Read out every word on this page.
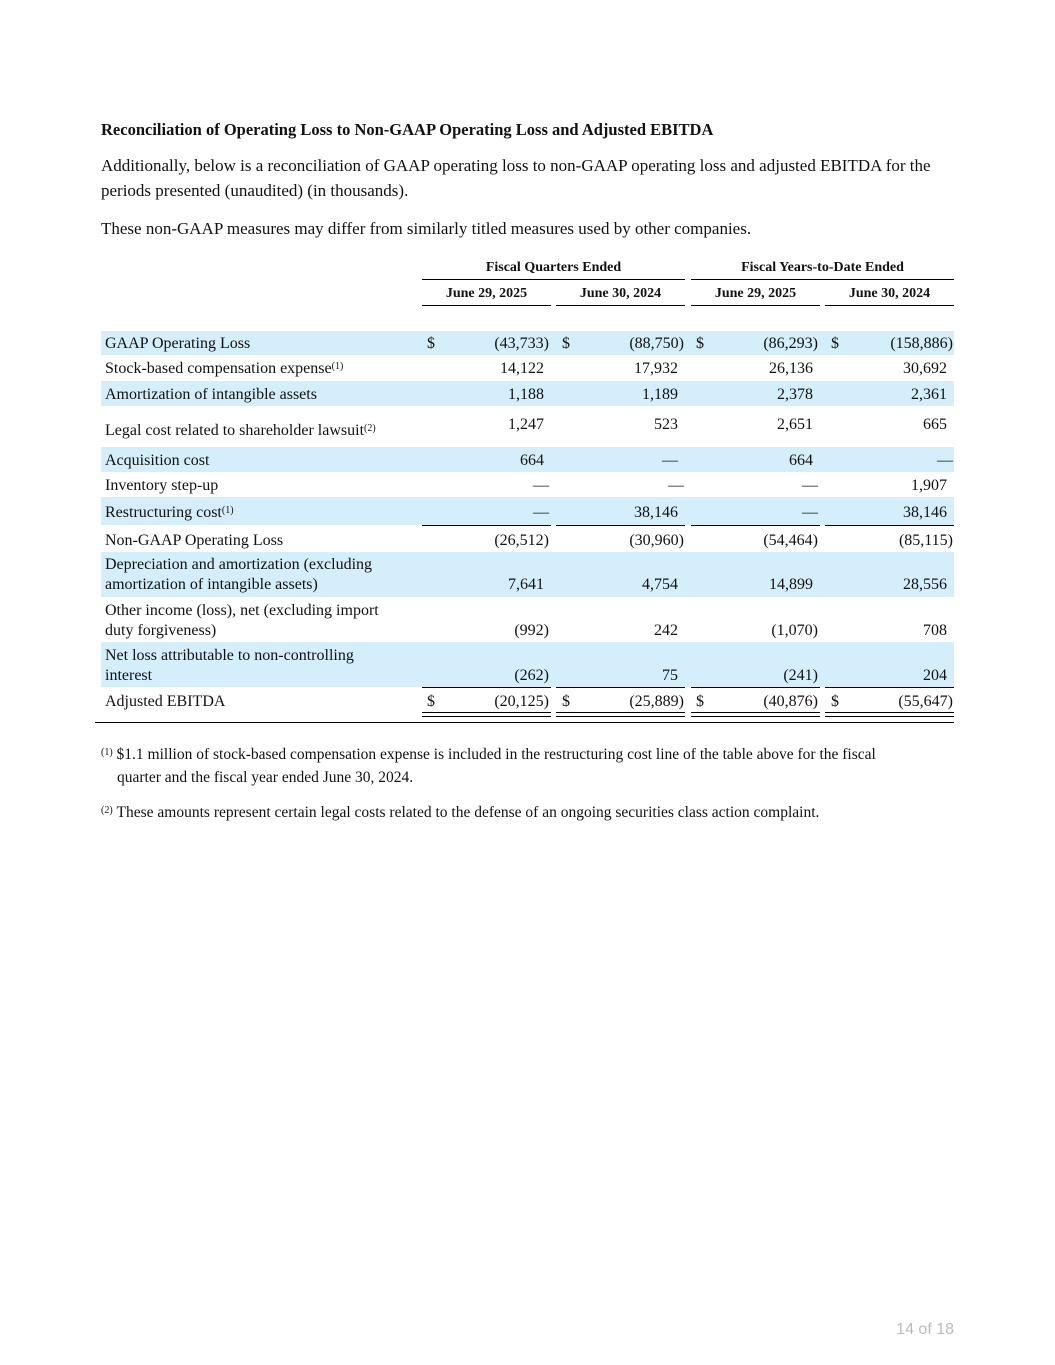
Reconciliation of Operating Loss to Non-GAAP Operating Loss and Adjusted EBITDA
Additionally, below is a reconciliation of GAAP operating loss to non-GAAP operating loss and adjusted EBITDA for the periods presented (unaudited) (in thousands).
These non-GAAP measures may differ from similarly titled measures used by other companies.
Fiscal Quarters Ended	Fiscal Years-to-Date Ended
June 29, 2025	June 30, 2024	June 29, 2025	June 30, 2024
GAAP Operating Loss	$	(43,733) $	(88,750) $	(86,293) $	(158,886)
Stock-based compensation expense$^{(1)}$	14,122	17,932	26,136	30,692
Amortization of intangible assets	1,188	1,189	2,378	2,361
Legal cost related to shareholder lawsuit$^{(2)}$	1,247	523	2,651	665
Acquisition cost	664	—	664	—
Inventory step-up	—	—	—	1,907
Restructuring cost$^{(1)}$	—	38,146	—	38,146
Non-GAAP Operating Loss	(26,512)	(30,960)	(54,464)	(85,115)
Depreciation and amortization (excluding
amortization of intangible assets)	7,641	4,754	14,899	28,556
Other income (loss), net (excluding import
duty forgiveness)	(992)	242	(1,070)	708
Net loss attributable to non-controlling
interest	(262)	75	(241)	204
Adjusted EBITDA	$	(20,125) $	(25,889) $	(40,876) $	(55,647)
$^{(1)}$ $1.1 million of stock-based compensation expense is included in the restructuring cost line of the table above for the fiscal
quarter and the fiscal year ended June 30, 2024.
$^{(2)}$ These amounts represent certain legal costs related to the defense of an ongoing securities class action complaint.
14 of 18
